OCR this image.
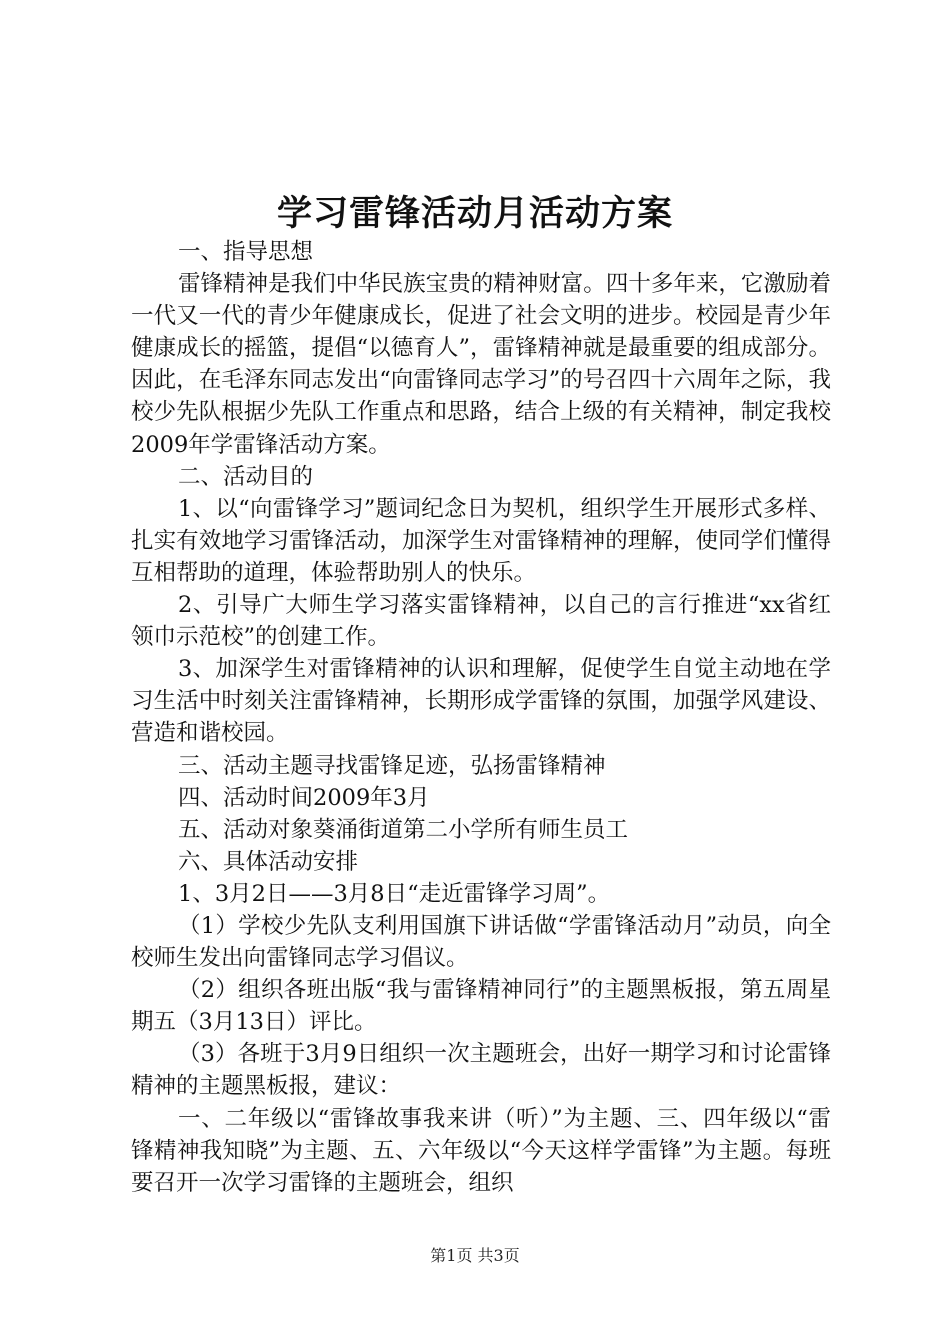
学习雷锋活动月活动方案

一、指导思想

雷锋精神是我们中华民族宝贵的精神财富。四十多年来，它激励着一代又一代的青少年健康成长，促进了社会文明的进步。校园是青少年健康成长的摇篮，提倡“以德育人”，雷锋精神就是最重要的组成部分。因此，在毛泽东同志发出“向雷锋同志学习”的号召四十六周年之际，我校少先队根据少先队工作重点和思路，结合上级的有关精神，制定我校2009年学雷锋活动方案。

二、活动目的

1、以“向雷锋学习”题词纪念日为契机，组织学生开展形式多样、扎实有效地学习雷锋活动，加深学生对雷锋精神的理解，使同学们懂得互相帮助的道理，体验帮助别人的快乐。

2、引导广大师生学习落实雷锋精神，以自己的言行推进“xx省红领巾示范校”的创建工作。

3、加深学生对雷锋精神的认识和理解，促使学生自觉主动地在学习生活中时刻关注雷锋精神，长期形成学雷锋的氛围，加强学风建设、营造和谐校园。

三、活动主题寻找雷锋足迹，弘扬雷锋精神

四、活动时间2009年3月

五、活动对象葵涌街道第二小学所有师生员工

六、具体活动安排

1、3月2日——3月8日“走近雷锋学习周”。

（1）学校少先队支利用国旗下讲话做“学雷锋活动月”动员，向全校师生发出向雷锋同志学习倡议。

（2）组织各班出版“我与雷锋精神同行”的主题黑板报，第五周星期五（3月13日）评比。

（3）各班于3月9日组织一次主题班会，出好一期学习和讨论雷锋精神的主题黑板报，建议：

一、二年级以“雷锋故事我来讲（听）”为主题、三、四年级以“雷锋精神我知晓”为主题、五、六年级以“今天这样学雷锋”为主题。每班要召开一次学习雷锋的主题班会，组织

第1页 共3页
